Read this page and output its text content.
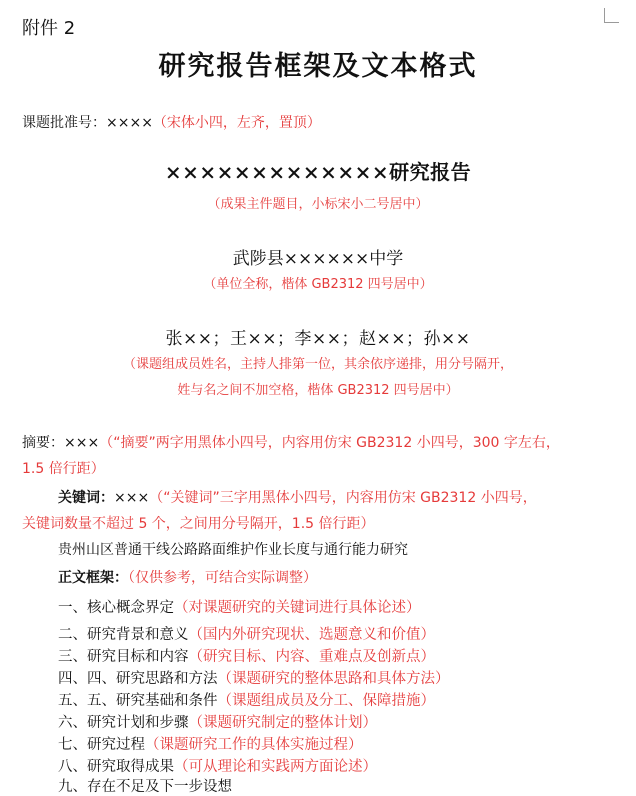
附件 2
研究报告框架及文本格式
课题批准号：××××（宋体小四，左齐，置顶）
×××××××××××××研究报告
（成果主件题目，小标宋小二号居中）
武陟县××××××中学
（单位全称，楷体 GB2312 四号居中）
张××；王××；李××；赵××；孙××
（课题组成员姓名，主持人排第一位，其余依序递排，用分号隔开，
姓与名之间不加空格，楷体 GB2312 四号居中）
摘要：×××（“摘要”两字用黑体小四号，内容用仿宋 GB2312 小四号，300 字左右，
1.5 倍行距）
关键词：×××（“关键词”三字用黑体小四号，内容用仿宋 GB2312 小四号，
关键词数量不超过 5 个，之间用分号隔开，1.5 倍行距）
贵州山区普通干线公路路面维护作业长度与通行能力研究
正文框架：（仅供参考，可结合实际调整）
一、核心概念界定（对课题研究的关键词进行具体论述）
二、研究背景和意义（国内外研究现状、选题意义和价值）
三、研究目标和内容（研究目标、内容、重难点及创新点）
四、四、研究思路和方法（课题研究的整体思路和具体方法）
五、五、研究基础和条件（课题组成员及分工、保障措施）
六、研究计划和步骤（课题研究制定的整体计划）
七、研究过程（课题研究工作的具体实施过程）
八、研究取得成果（可从理论和实践两方面论述）
九、存在不足及下一步设想
